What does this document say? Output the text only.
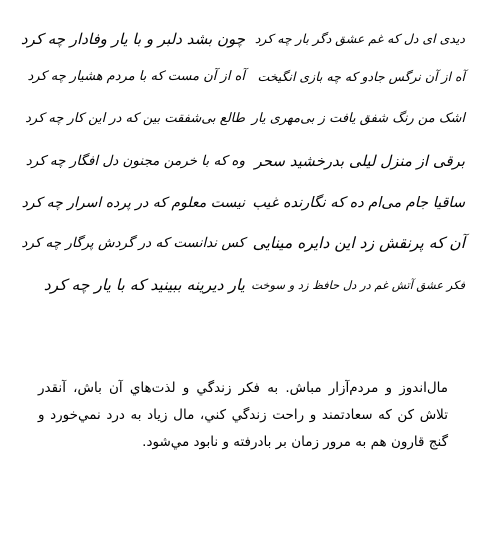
دیدی ای دل که غم عشق دگر بار چه کرد
آه از آن نرگس جادو که چه بازی انگیخت
اشک من رنگ شفق یافت ز بی‌مهری یار
برقی از منزل لیلی بدرخشید سحر
ساقیا جام می‌ام ده که نگارنده غیب
آن که پرنقش زد این دایره مینایی
فکر عشق آتش غم در دل حافظ زد و سوخت
چون بشد دلبر و با یار وفادار چه کرد
آه از آن مست که با مردم هشیار چه کرد
طالع بی‌شفقت بین که در این کار چه کرد
وه که با خرمن مجنون دل افگار چه کرد
نیست معلوم که در پرده اسرار چه کرد
کس ندانست که در گردش پرگار چه کرد
یار دیرینه ببینید که با یار چه کرد
مال‌اندوز و مردم‌آزار مباش. به فکر زندگي و لذت‌هاي آن باش، آنقدر تلاش کن که سعادتمند و راحت زندگي کني، مال زياد به درد نمي‌خورد و گنج قارون هم به مرور زمان بر بادرفته و نابود مي‌شود.
